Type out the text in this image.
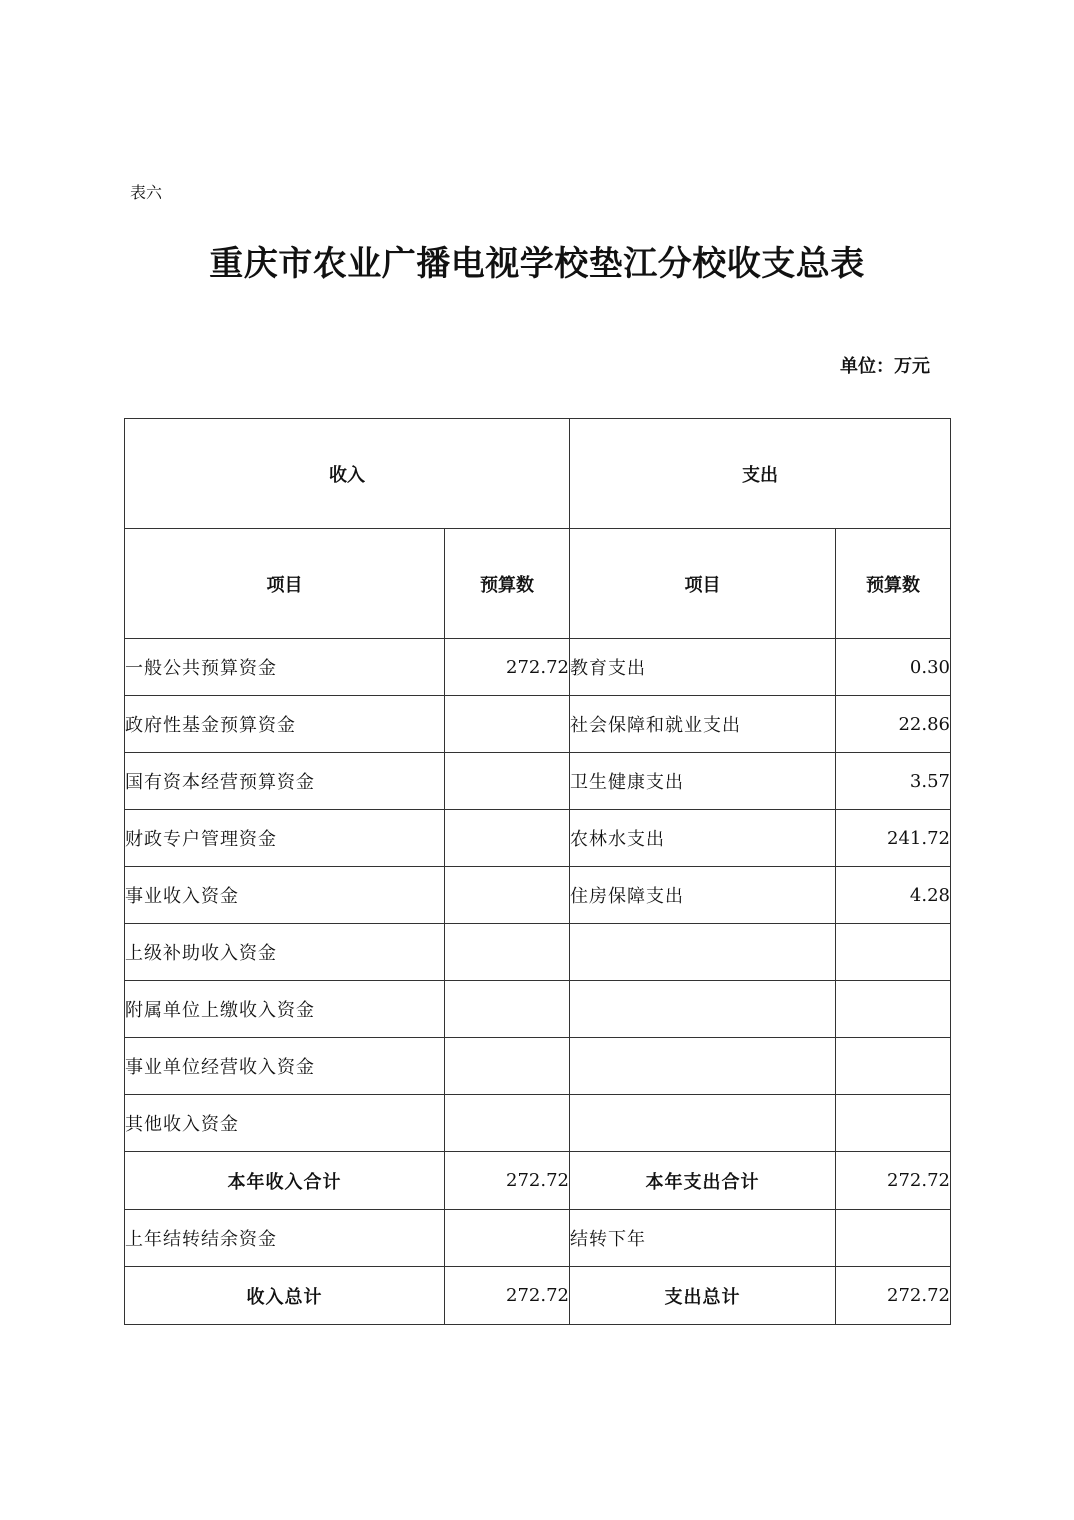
表六
重庆市农业广播电视学校垫江分校收支总表
单位：万元
收入		支出	
项目	预算数	项目	预算数
一般公共预算资金	272.72	教育支出	0.30
政府性基金预算资金		社会保障和就业支出	22.86
国有资本经营预算资金		卫生健康支出	3.57
财政专户管理资金		农林水支出	241.72
事业收入资金		住房保障支出	4.28
上级补助收入资金			
附属单位上缴收入资金			
事业单位经营收入资金			
其他收入资金			
本年收入合计	272.72	本年支出合计	272.72
上年结转结余资金		结转下年	
收入总计	272.72	支出总计	272.72
